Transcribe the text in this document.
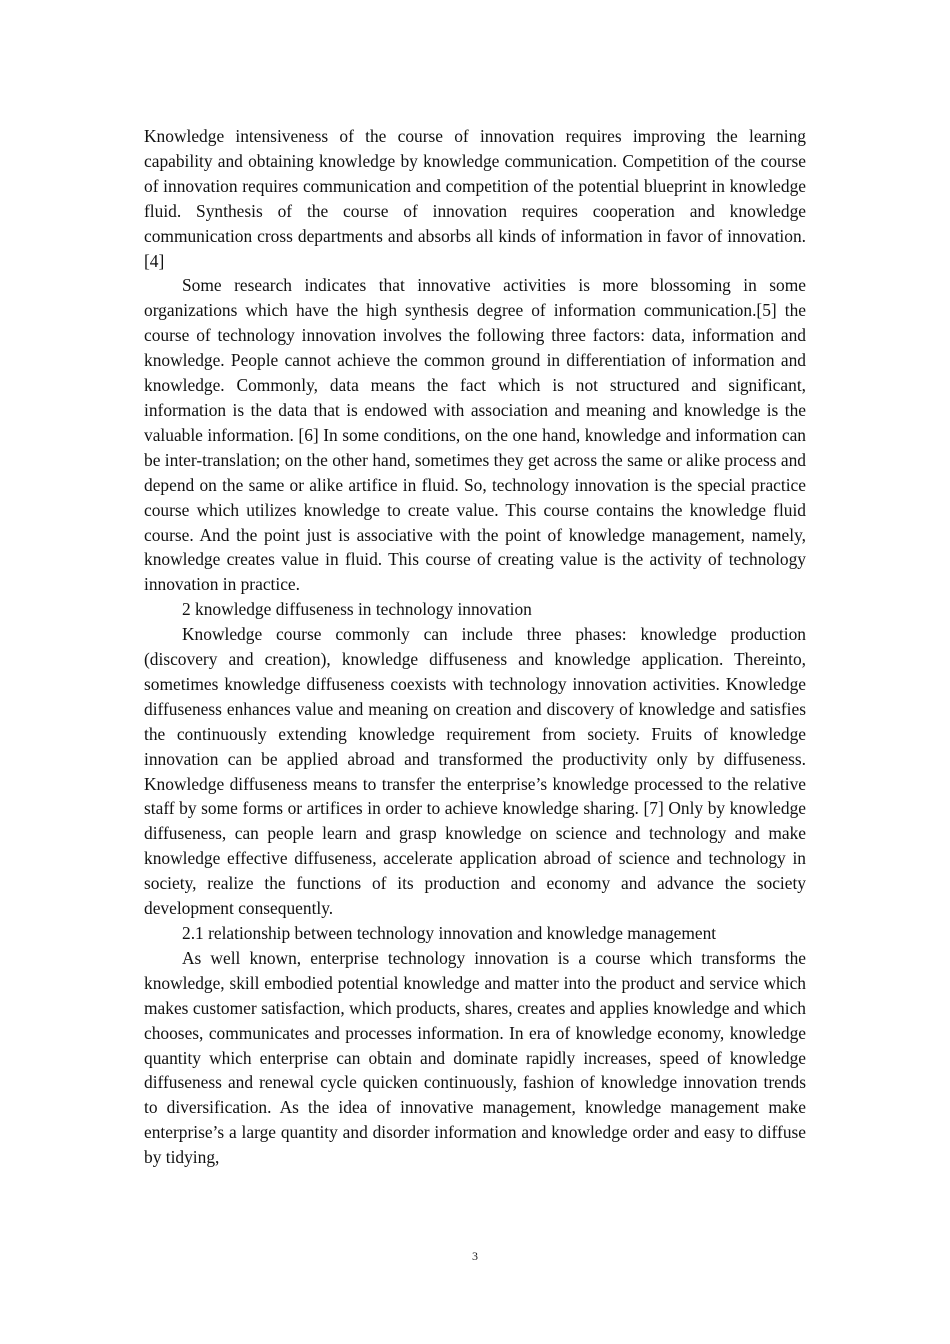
Knowledge intensiveness of the course of innovation requires improving the learning capability and obtaining knowledge by knowledge communication. Competition of the course of innovation requires communication and competition of the potential blueprint in knowledge fluid. Synthesis of the course of innovation requires cooperation and knowledge communication cross departments and absorbs all kinds of information in favor of innovation.[4]

Some research indicates that innovative activities is more blossoming in some organizations which have the high synthesis degree of information communication.[5] the course of technology innovation involves the following three factors: data, information and knowledge. People cannot achieve the common ground in differentiation of information and knowledge. Commonly, data means the fact which is not structured and significant, information is the data that is endowed with association and meaning and knowledge is the valuable information. [6] In some conditions, on the one hand, knowledge and information can be inter-translation; on the other hand, sometimes they get across the same or alike process and depend on the same or alike artifice in fluid. So, technology innovation is the special practice course which utilizes knowledge to create value. This course contains the knowledge fluid course. And the point just is associative with the point of knowledge management, namely, knowledge creates value in fluid. This course of creating value is the activity of technology innovation in practice.

2 knowledge diffuseness in technology innovation

Knowledge course commonly can include three phases: knowledge production (discovery and creation), knowledge diffuseness and knowledge application. Thereinto, sometimes knowledge diffuseness coexists with technology innovation activities. Knowledge diffuseness enhances value and meaning on creation and discovery of knowledge and satisfies the continuously extending knowledge requirement from society. Fruits of knowledge innovation can be applied abroad and transformed the productivity only by diffuseness. Knowledge diffuseness means to transfer the enterprise’s knowledge processed to the relative staff by some forms or artifices in order to achieve knowledge sharing. [7] Only by knowledge diffuseness, can people learn and grasp knowledge on science and technology and make knowledge effective diffuseness, accelerate application abroad of science and technology in society, realize the functions of its production and economy and advance the society development consequently.

2.1 relationship between technology innovation and knowledge management

As well known, enterprise technology innovation is a course which transforms the knowledge, skill embodied potential knowledge and matter into the product and service which makes customer satisfaction, which products, shares, creates and applies knowledge and which chooses, communicates and processes information. In era of knowledge economy, knowledge quantity which enterprise can obtain and dominate rapidly increases, speed of knowledge diffuseness and renewal cycle quicken continuously, fashion of knowledge innovation trends to diversification. As the idea of innovative management, knowledge management make enterprise’s a large quantity and disorder information and knowledge order and easy to diffuse by tidying,

3
